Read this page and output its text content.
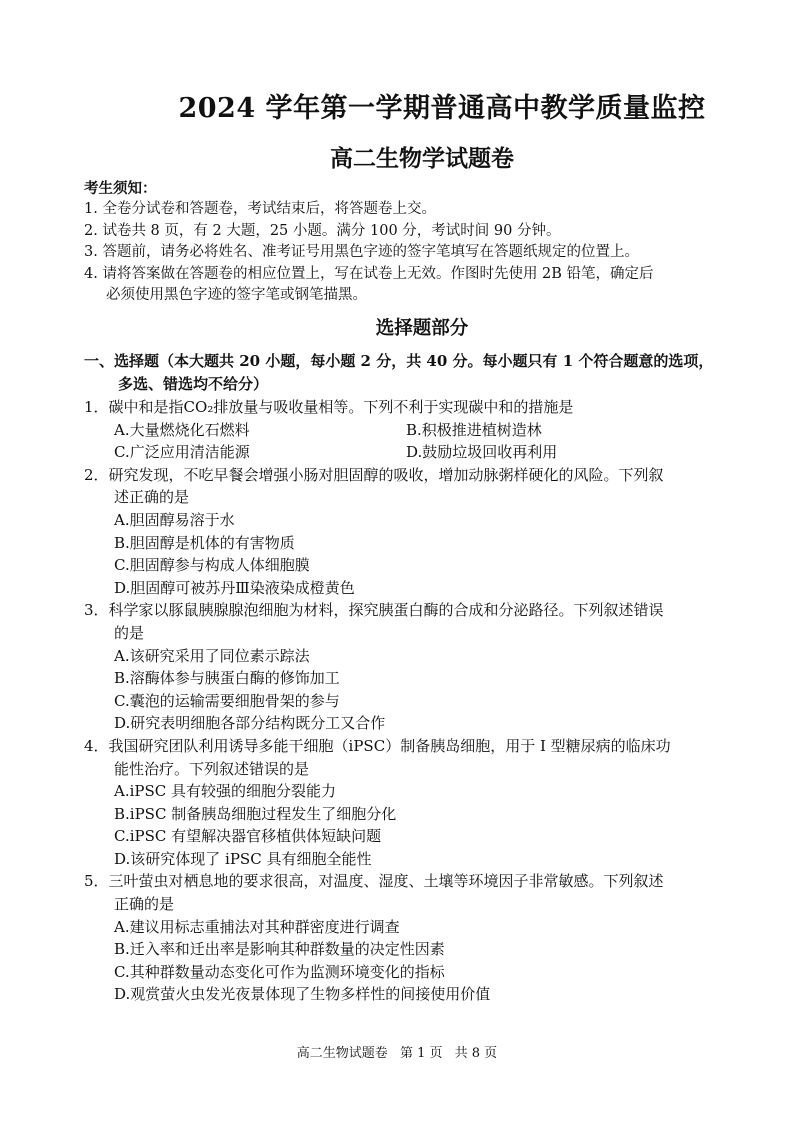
2024 学年第一学期普通高中教学质量监控
高二生物学试题卷
考生须知：
1. 全卷分试卷和答题卷，考试结束后，将答题卷上交。
2. 试卷共 8 页，有 2 大题，25 小题。满分 100 分，考试时间 90 分钟。
3. 答题前，请务必将姓名、准考证号用黑色字迹的签字笔填写在答题纸规定的位置上。
4. 请将答案做在答题卷的相应位置上，写在试卷上无效。作图时先使用 2B 铅笔，确定后
必须使用黑色字迹的签字笔或钢笔描黑。
选择题部分
一、选择题（本大题共 20 小题，每小题 2 分，共 40 分。每小题只有 1 个符合题意的选项，
多选、错选均不给分）
1．碳中和是指CO₂排放量与吸收量相等。下列不利于实现碳中和的措施是
A.大量燃烧化石燃料	B.积极推进植树造林
C.广泛应用清洁能源	D.鼓励垃圾回收再利用
2．研究发现，不吃早餐会增强小肠对胆固醇的吸收，增加动脉粥样硬化的风险。下列叙
述正确的是
A.胆固醇易溶于水
B.胆固醇是机体的有害物质
C.胆固醇参与构成人体细胞膜
D.胆固醇可被苏丹Ⅲ染液染成橙黄色
3．科学家以豚鼠胰腺腺泡细胞为材料，探究胰蛋白酶的合成和分泌路径。下列叙述错误
的是
A.该研究采用了同位素示踪法
B.溶酶体参与胰蛋白酶的修饰加工
C.囊泡的运输需要细胞骨架的参与
D.研究表明细胞各部分结构既分工又合作
4．我国研究团队利用诱导多能干细胞（iPSC）制备胰岛细胞，用于 I 型糖尿病的临床功
能性治疗。下列叙述错误的是
A.iPSC 具有较强的细胞分裂能力
B.iPSC 制备胰岛细胞过程发生了细胞分化
C.iPSC 有望解决器官移植供体短缺问题
D.该研究体现了 iPSC 具有细胞全能性
5．三叶萤虫对栖息地的要求很高，对温度、湿度、土壤等环境因子非常敏感。下列叙述
正确的是
A.建议用标志重捕法对其种群密度进行调查
B.迁入率和迁出率是影响其种群数量的决定性因素
C.其种群数量动态变化可作为监测环境变化的指标
D.观赏萤火虫发光夜景体现了生物多样性的间接使用价值
高二生物试题卷 第 1 页 共 8 页
